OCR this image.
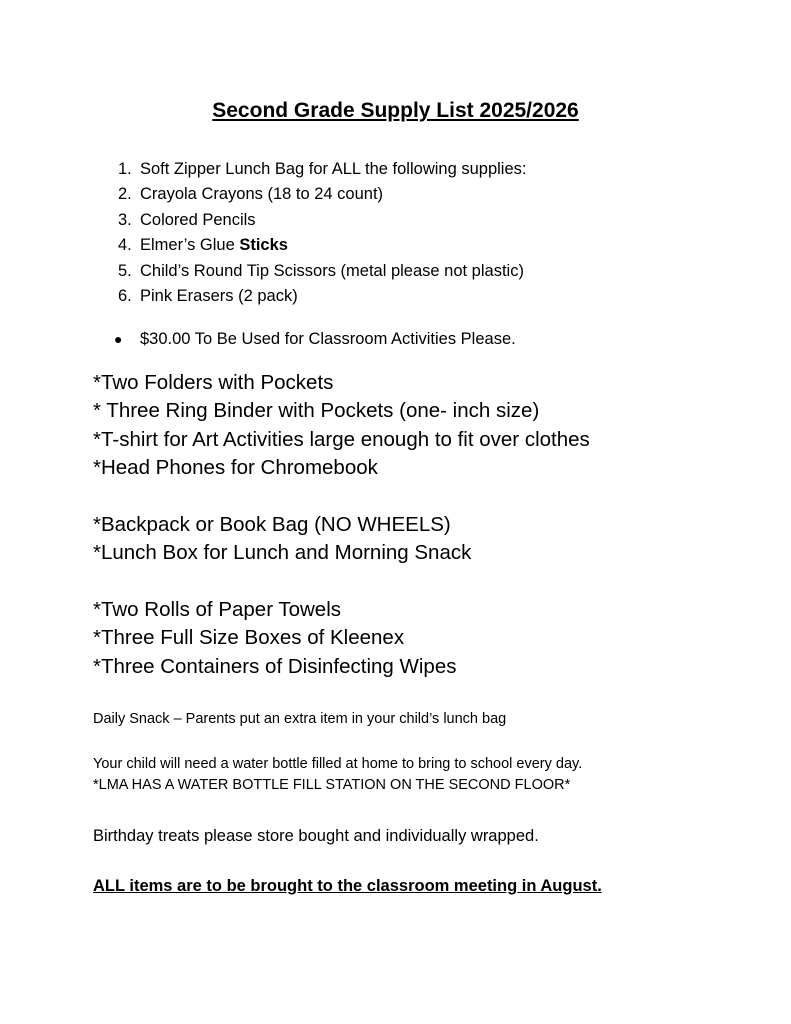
Second Grade Supply List 2025/2026
1. Soft Zipper Lunch Bag for ALL the following supplies:
2. Crayola Crayons (18 to 24 count)
3. Colored Pencils
4. Elmer’s Glue Sticks
5. Child’s Round Tip Scissors (metal please not plastic)
6. Pink Erasers (2 pack)
● $30.00 To Be Used for Classroom Activities Please.
*Two Folders with Pockets
* Three Ring Binder with Pockets (one- inch size)
*T-shirt for Art Activities large enough to fit over clothes
*Head Phones for Chromebook
*Backpack or Book Bag (NO WHEELS)
*Lunch Box for Lunch and Morning Snack
*Two Rolls of Paper Towels
*Three Full Size Boxes of Kleenex
*Three Containers of Disinfecting Wipes
Daily Snack – Parents put an extra item in your child’s lunch bag
Your child will need a water bottle filled at home to bring to school every day.
*LMA HAS A WATER BOTTLE FILL STATION ON THE SECOND FLOOR*
Birthday treats please store bought and individually wrapped.
ALL items are to be brought to the classroom meeting in August.
